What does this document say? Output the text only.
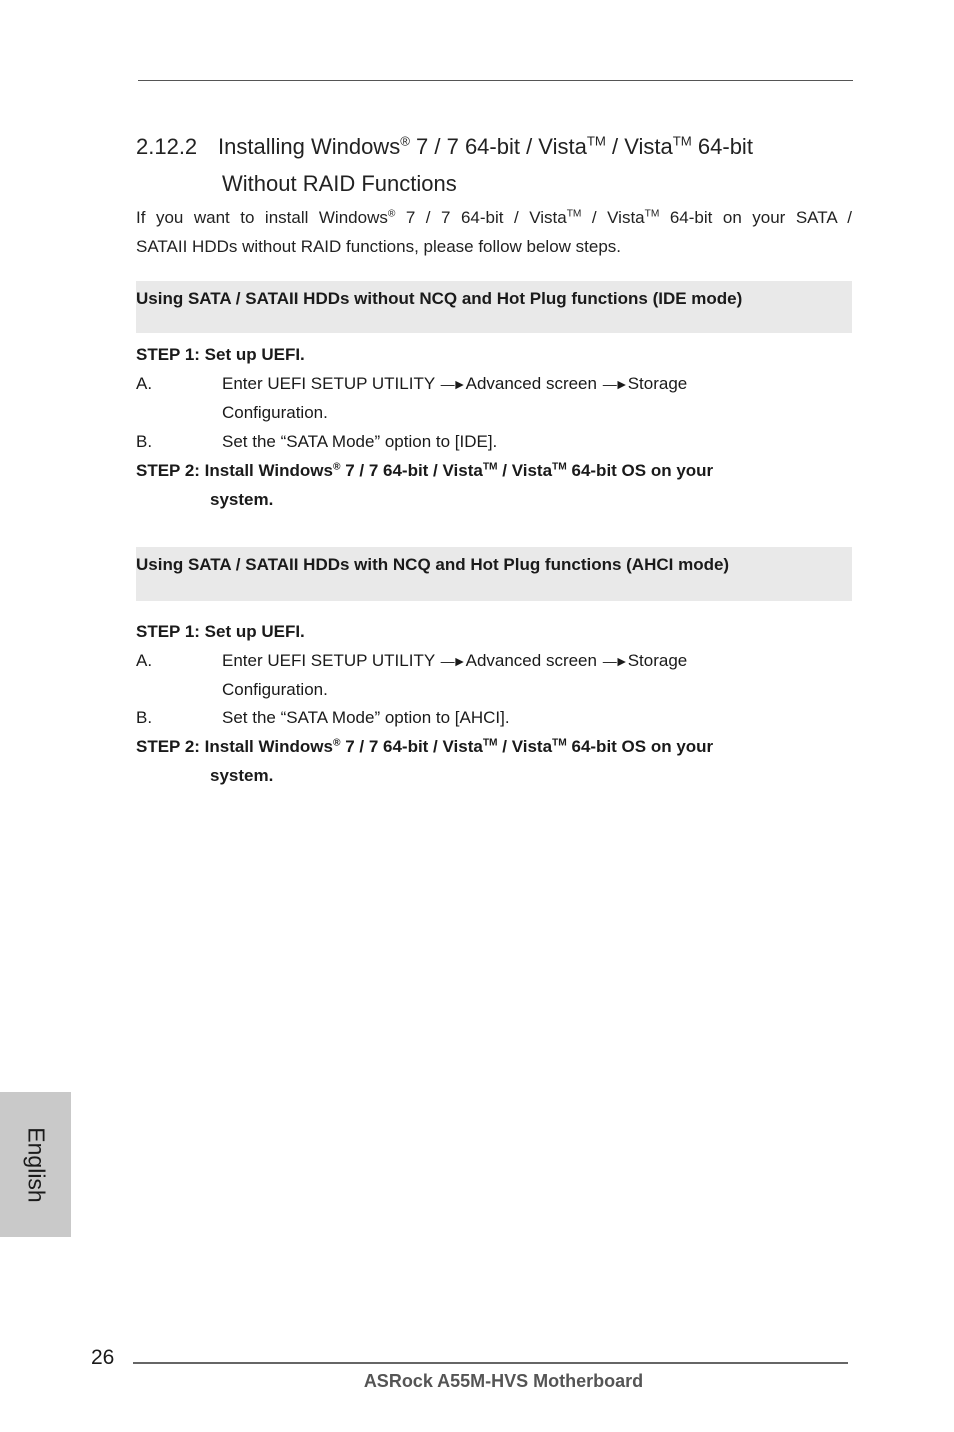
2.12.2 Installing Windows® 7 / 7 64-bit / Vista™ / Vista™ 64-bit
Without RAID Functions
If you want to install Windows® 7 / 7 64-bit / Vista™ / Vista™ 64-bit on your SATA /
SATAII HDDs without RAID functions, please follow below steps.
Using SATA / SATAII HDDs without NCQ and Hot Plug functions (IDE mode)
STEP 1: Set up UEFI.
A.	Enter UEFI SETUP UTILITY —►Advanced screen —►Storage
Configuration.
B.	Set the “SATA Mode” option to [IDE].
STEP 2: Install Windows® 7 / 7 64-bit / Vista™ / Vista™ 64-bit OS on your
system.
Using SATA / SATAII HDDs with NCQ and Hot Plug functions (AHCI mode)
STEP 1: Set up UEFI.
A.	Enter UEFI SETUP UTILITY —►Advanced screen —►Storage
Configuration.
B.	Set the “SATA Mode” option to [AHCI].
STEP 2: Install Windows® 7 / 7 64-bit / Vista™ / Vista™ 64-bit OS on your
system.
English
26
ASRock A55M-HVS Motherboard
